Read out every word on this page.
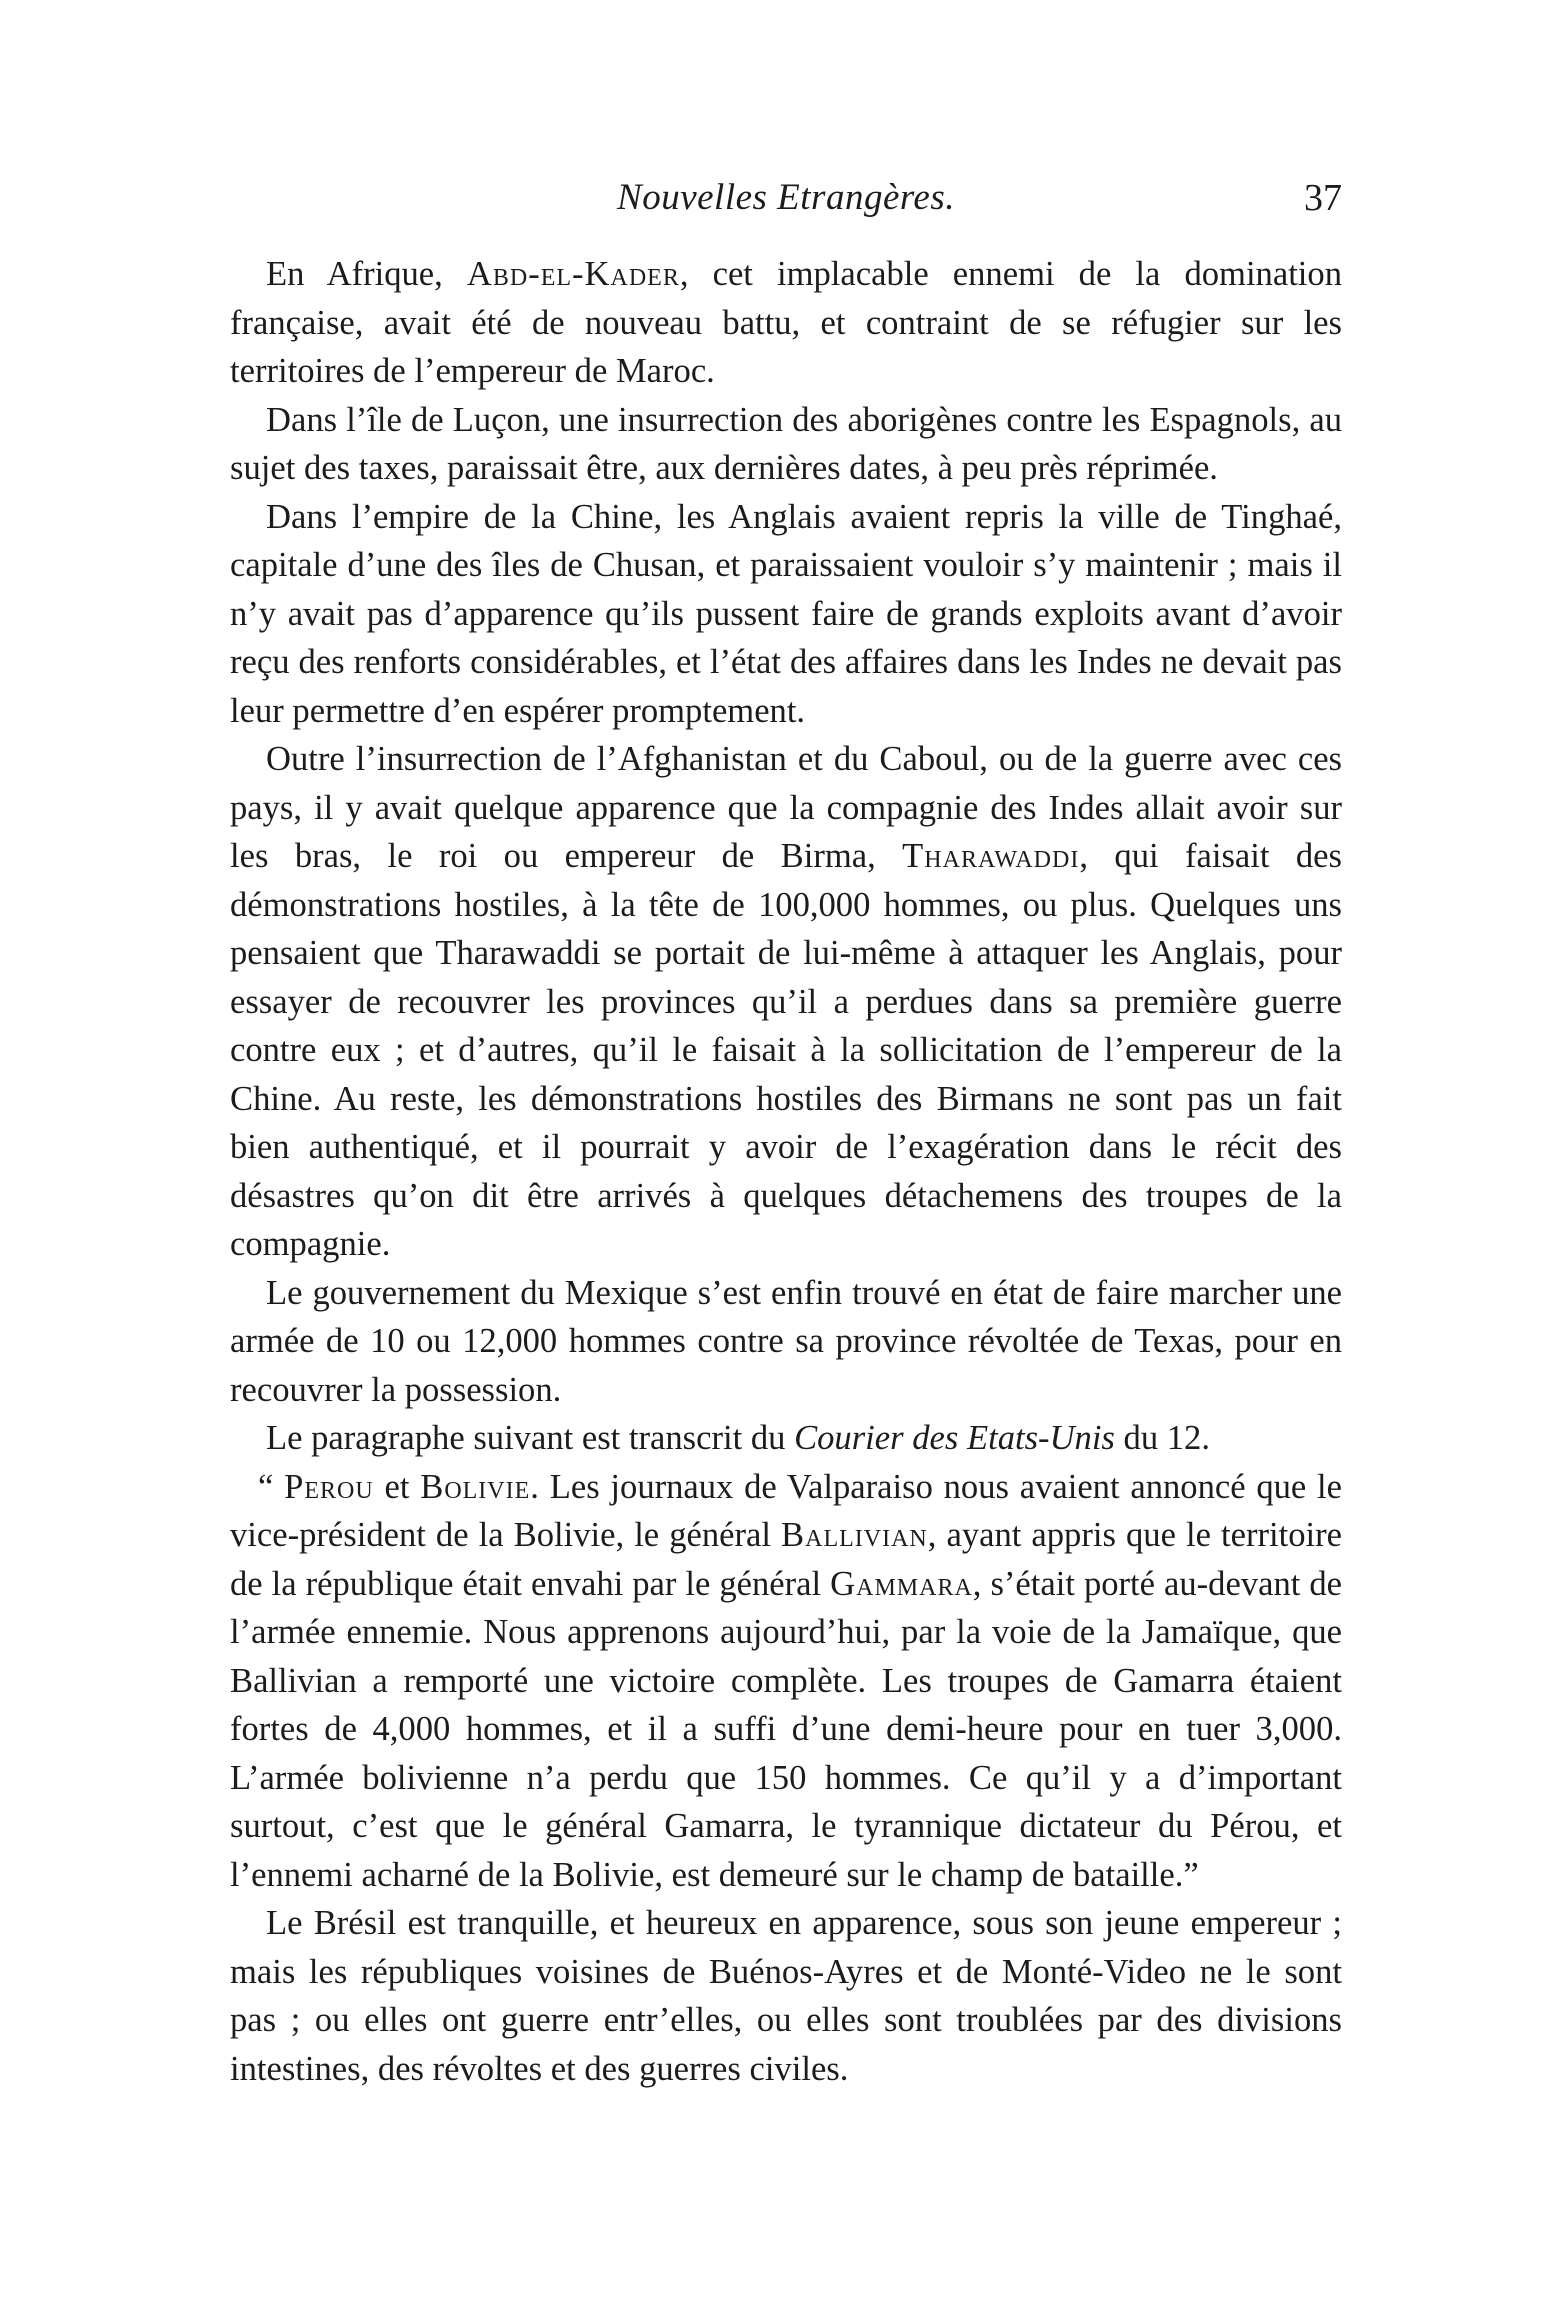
Nouvelles Etrangères.	37

En Afrique, Abd-el-Kader, cet implacable ennemi de la domination française, avait été de nouveau battu, et contraint de se réfugier sur les territoires de l’empereur de Maroc.

Dans l’île de Luçon, une insurrection des aborigènes contre les Espagnols, au sujet des taxes, paraissait être, aux dernières dates, à peu près réprimée.

Dans l’empire de la Chine, les Anglais avaient repris la ville de Tinghaé, capitale d’une des îles de Chusan, et paraissaient vouloir s’y maintenir ; mais il n’y avait pas d’apparence qu’ils pussent faire de grands exploits avant d’avoir reçu des renforts considérables, et l’état des affaires dans les Indes ne devait pas leur permettre d’en espérer promptement.

Outre l’insurrection de l’Afghanistan et du Caboul, ou de la guerre avec ces pays, il y avait quelque apparence que la compagnie des Indes allait avoir sur les bras, le roi ou empereur de Birma, Tharawaddi, qui faisait des démonstrations hostiles, à la tête de 100,000 hommes, ou plus. Quelques uns pensaient que Tharawaddi se portait de lui-même à attaquer les Anglais, pour essayer de recouvrer les provinces qu’il a perdues dans sa première guerre contre eux ; et d’autres, qu’il le faisait à la sollicitation de l’empereur de la Chine. Au reste, les démonstrations hostiles des Birmans ne sont pas un fait bien authentiqué, et il pourrait y avoir de l’exagération dans le récit des désastres qu’on dit être arrivés à quelques détachemens des troupes de la compagnie.

Le gouvernement du Mexique s’est enfin trouvé en état de faire marcher une armée de 10 ou 12,000 hommes contre sa province révoltée de Texas, pour en recouvrer la possession.

Le paragraphe suivant est transcrit du Courier des Etats-Unis du 12.

“ Perou et Bolivie. Les journaux de Valparaiso nous avaient annoncé que le vice-président de la Bolivie, le général Ballivian, ayant appris que le territoire de la république était envahi par le général Gammara, s’était porté au-devant de l’armée ennemie. Nous apprenons aujourd’hui, par la voie de la Jamaïque, que Ballivian a remporté une victoire complète. Les troupes de Gamarra étaient fortes de 4,000 hommes, et il a suffi d’une demi-heure pour en tuer 3,000. L’armée bolivienne n’a perdu que 150 hommes. Ce qu’il y a d’important surtout, c’est que le général Gamarra, le tyrannique dictateur du Pérou, et l’ennemi acharné de la Bolivie, est demeuré sur le champ de bataille.”

Le Brésil est tranquille, et heureux en apparence, sous son jeune empereur ; mais les républiques voisines de Buénos-Ayres et de Monté-Video ne le sont pas ; ou elles ont guerre entr’elles, ou elles sont troublées par des divisions intestines, des révoltes et des guerres civiles.
